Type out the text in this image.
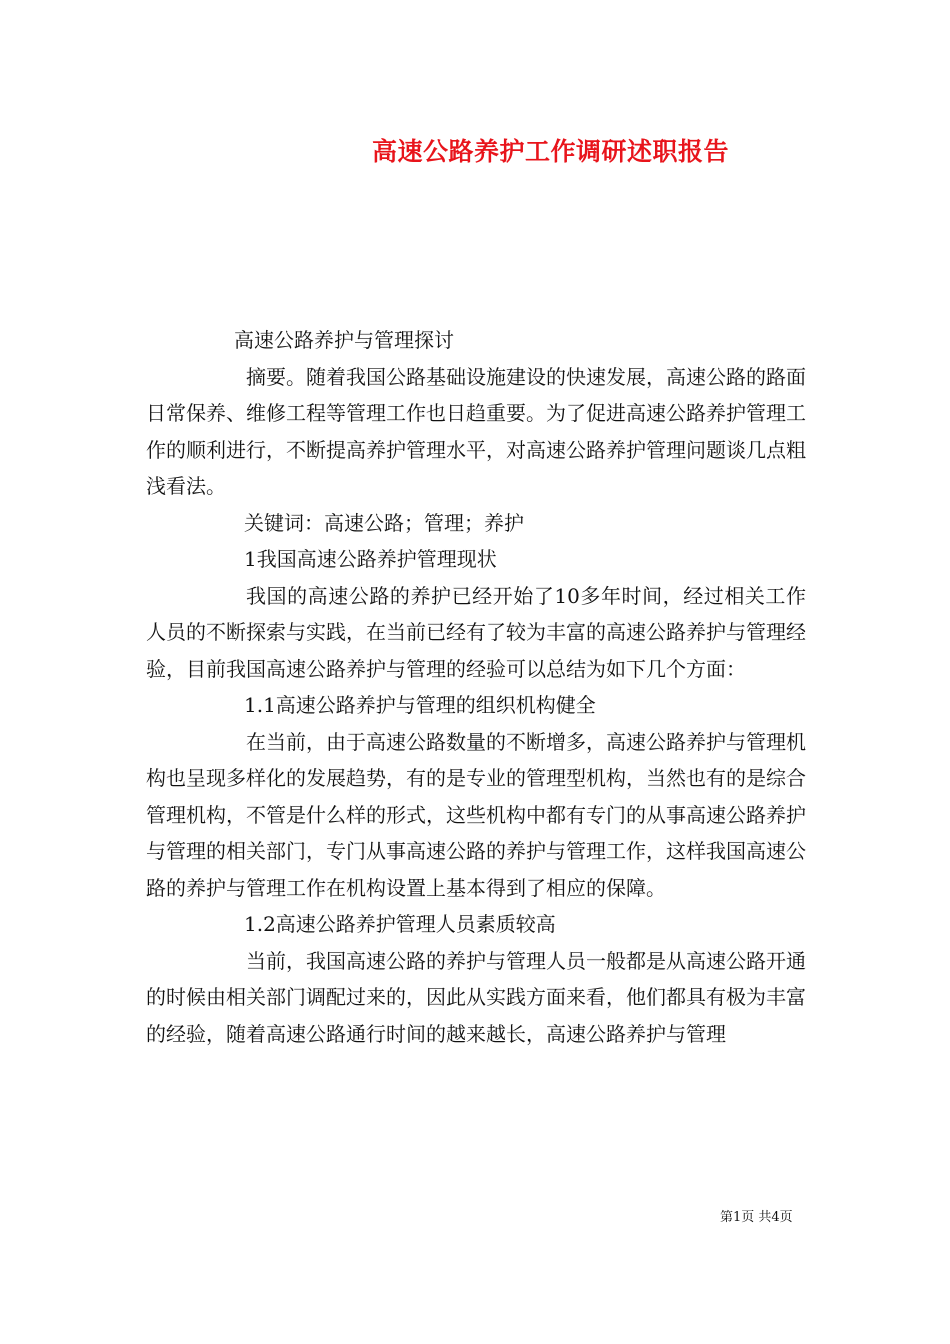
高速公路养护工作调研述职报告

高速公路养护与管理探讨

摘要。随着我国公路基础设施建设的快速发展，高速公路的路面日常保养、维修工程等管理工作也日趋重要。为了促进高速公路养护管理工作的顺利进行，不断提高养护管理水平，对高速公路养护管理问题谈几点粗浅看法。

关键词：高速公路；管理；养护

1我国高速公路养护管理现状

我国的高速公路的养护已经开始了10多年时间，经过相关工作人员的不断探索与实践，在当前已经有了较为丰富的高速公路养护与管理经验，目前我国高速公路养护与管理的经验可以总结为如下几个方面：

1.1高速公路养护与管理的组织机构健全

在当前，由于高速公路数量的不断增多，高速公路养护与管理机构也呈现多样化的发展趋势，有的是专业的管理型机构，当然也有的是综合管理机构，不管是什么样的形式，这些机构中都有专门的从事高速公路养护与管理的相关部门，专门从事高速公路的养护与管理工作，这样我国高速公路的养护与管理工作在机构设置上基本得到了相应的保障。

1.2高速公路养护管理人员素质较高

当前，我国高速公路的养护与管理人员一般都是从高速公路开通的时候由相关部门调配过来的，因此从实践方面来看，他们都具有极为丰富的经验，随着高速公路通行时间的越来越长，高速公路养护与管理

第1页 共4页
